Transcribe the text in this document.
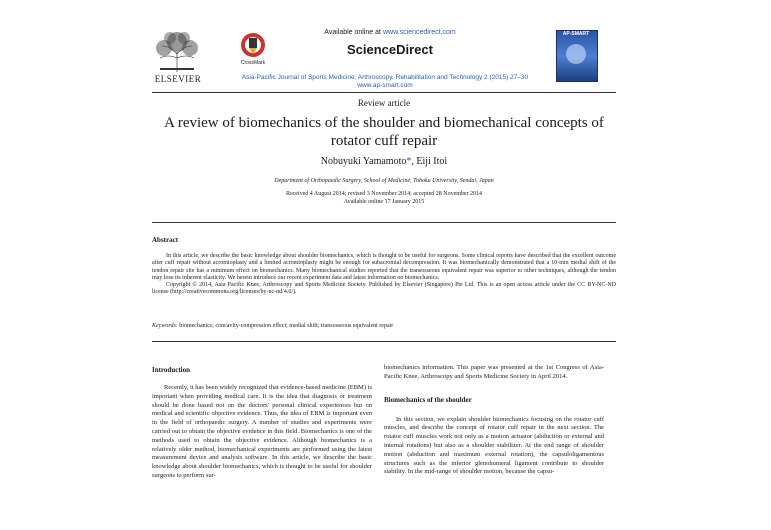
ELSEVIER
CrossMark
Available online at www.sciencedirect.com
ScienceDirect
Asia-Pacific Journal of Sports Medicine, Arthroscopy, Rehabilitation and Technology 2 (2015) 27–30
www.ap-smart.com
AP-SMART
Review article
A review of biomechanics of the shoulder and biomechanical concepts of rotator cuff repair
Nobuyuki Yamamoto*, Eiji Itoi
Department of Orthopaedic Surgery, School of Medicine, Tohoku University, Sendai, Japan
Received 4 August 2014; revised 3 November 2014; accepted 28 November 2014
Available online 17 January 2015
Abstract

In this article, we describe the basic knowledge about shoulder biomechanics, which is thought to be useful for surgeons. Some clinical reports have described that the excellent outcome after cuff repair without acromioplasty and a limited acromioplasty might be enough for subacromial decompression. It was biomechanically demonstrated that a 10-mm medial shift of the tendon repair site has a minimum effect on biomechanics. Many biomechanical studies reported that the transosseous equivalent repair was superior to other techniques, although the tendon may lose its inherent elasticity. We herein introduce our recent experiment data and latest information on biomechanics.

Copyright © 2014, Asia Pacific Knee, Arthroscopy and Sports Medicine Society. Published by Elsevier (Singapore) Pte Ltd. This is an open access article under the CC BY-NC-ND license (http://creativecommons.org/licenses/by-nc-nd/4.0/).

Keywords: biomechanics; concavity-compression effect; medial shift; transosseous equivalent repair
Introduction

Recently, it has been widely recognized that evidence-based medicine (EBM) is important when providing medical care. It is the idea that diagnosis or treatment should be done based not on the doctors' personal clinical experiences but on medical and scientific objective evidence. Thus, the idea of EBM is important even in the field of orthopaedic surgery. A number of studies and experiments were carried out to obtain the objective evidence in this field. Biomechanics is one of the methods used to obtain the objective evidence. Although biomechanics is a relatively older method, biomechanical experiments are performed using the latest measurement device and analysis software. In this article, we describe the basic knowledge about shoulder biomechanics, which is thought to be useful for shoulder surgeons to perform sur-

biomechanics information. This paper was presented at the 1st Congress of Asia-Pacific Knee, Arthroscopy and Sports Medicine Society in April 2014.

Biomechanics of the shoulder

In this section, we explain shoulder biomechanics focusing on the rotator cuff muscles, and describe the concept of rotator cuff repair in the next section. The rotator cuff muscles work not only as a motion actuator (abduction or external and internal rotations) but also as a shoulder stabilizer. At the end range of shoulder motion (abduction and maximum external rotation), the capsuloligamentous structures such as the inferior glenohumeral ligament contribute to shoulder stability. In the mid-range of shoulder motion, because the capsu-
